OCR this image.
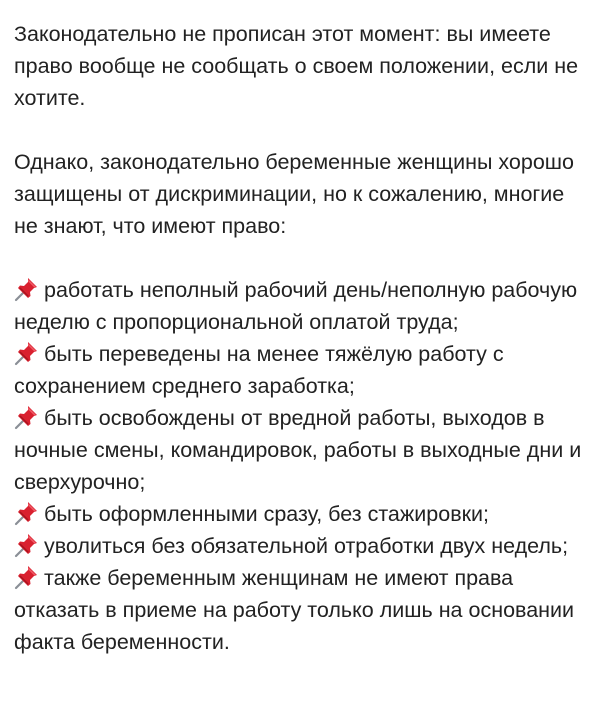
Законодательно не прописан этот момент: вы имеете право вообще не сообщать о своем положении, если не хотите.

Однако, законодательно беременные женщины хорошо защищены от дискриминации, но к сожалению, многие не знают, что имеют право:

работать неполный рабочий день/неполную рабочую неделю с пропорциональной оплатой труда;
быть переведены на менее тяжёлую работу с сохранением среднего заработка;
быть освобождены от вредной работы, выходов в ночные смены, командировок, работы в выходные дни и сверхурочно;
быть оформленными сразу, без стажировки;
уволиться без обязательной отработки двух недель;
также беременным женщинам не имеют права отказать в приеме на работу только лишь на основании факта беременности.
